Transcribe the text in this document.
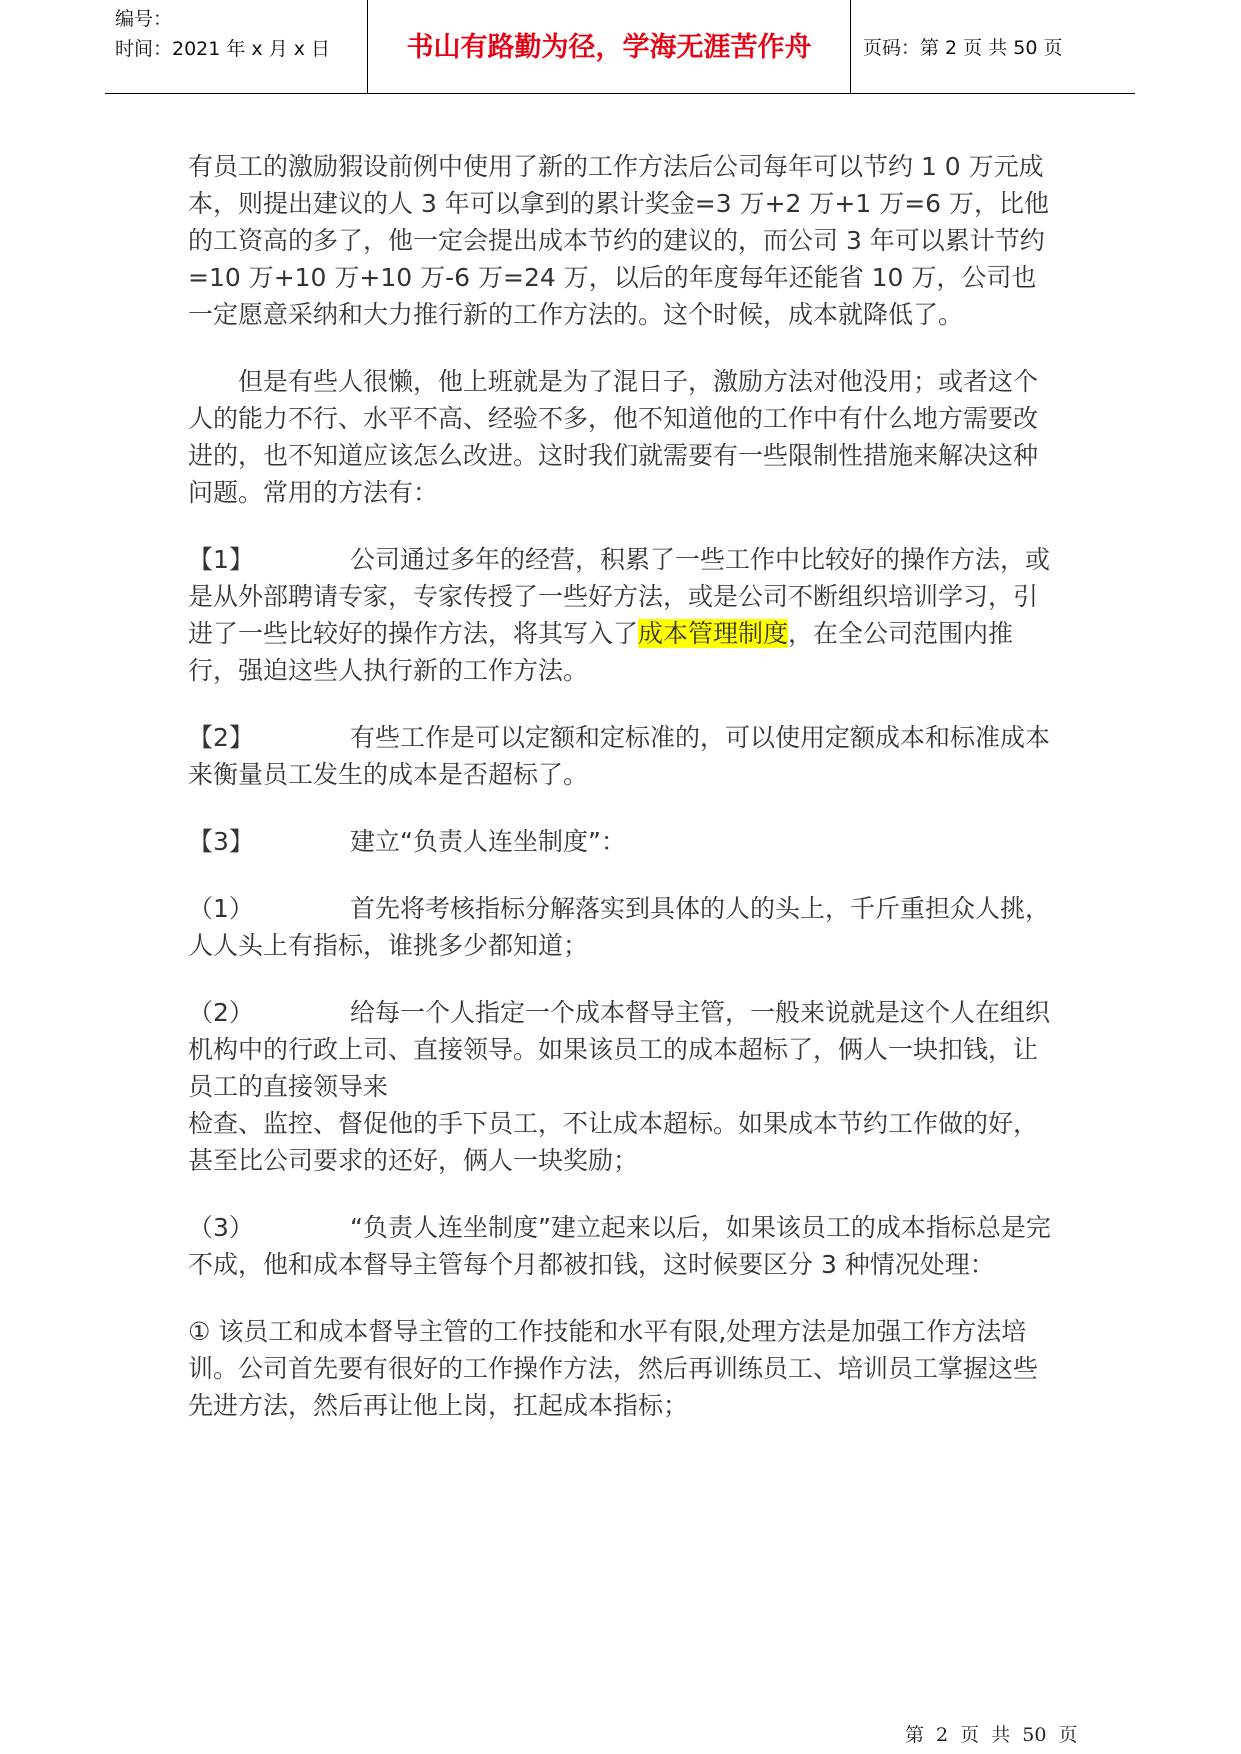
编号：
时间：2021 年 x 月 x 日	书山有路勤为径，学海无涯苦作舟	页码：第 2 页 共 50 页

有员工的激励猳设前例中使用了新的工作方法后公司每年可以节约 1 0 万元成本，则提出建议的人 3 年可以拿到的累计奖金=3 万+2 万+1 万=6 万，比他的工资高的多了，他一定会提出成本节约的建议的，而公司 3 年可以累计节约=10 万+10 万+10 万-6 万=24 万，以后的年度每年还能省 10 万，公司也一定愿意采纳和大力推行新的工作方法的。这个时候，成本就降低了。

但是有些人很懒，他上班就是为了混日子，激励方法对他没用；或者这个人的能力不行、水平不高、经验不多，他不知道他的工作中有什么地方需要改进的，也不知道应该怎么改进。这时我们就需要有一些限制性措施来解决这种问题。常用的方法有：

【1】	公司通过多年的经营，积累了一些工作中比较好的操作方法，或是从外部聘请专家，专家传授了一些好方法，或是公司不断组织培训学习，引进了一些比较好的操作方法，将其写入了成本管理制度，在全公司范围内推行，强迫这些人执行新的工作方法。

【2】	有些工作是可以定额和定标准的，可以使用定额成本和标准成本来衡量员工发生的成本是否超标了。

【3】	建立“负责人连坐制度”：

（1）	首先将考核指标分解落实到具体的人的头上，千斤重担众人挑，人人头上有指标，谁挑多少都知道；

（2）	给每一个人指定一个成本督导主管，一般来说就是这个人在组织机构中的行政上司、直接领导。如果该员工的成本超标了，俩人一块扣钱，让员工的直接领导来
检查、监控、督促他的手下员工，不让成本超标。如果成本节约工作做的好，甚至比公司要求的还好，俩人一块奖励；

（3）	“负责人连坐制度”建立起来以后，如果该员工的成本指标总是完不成，他和成本督导主管每个月都被扣钱，这时候要区分 3 种情况处理：

① 该员工和成本督导主管的工作技能和水平有限,处理方法是加强工作方法培训。公司首先要有很好的工作操作方法，然后再训练员工、培训员工掌握这些先进方法，然后再让他上岗，扛起成本指标；

第 2 页 共 50 页
